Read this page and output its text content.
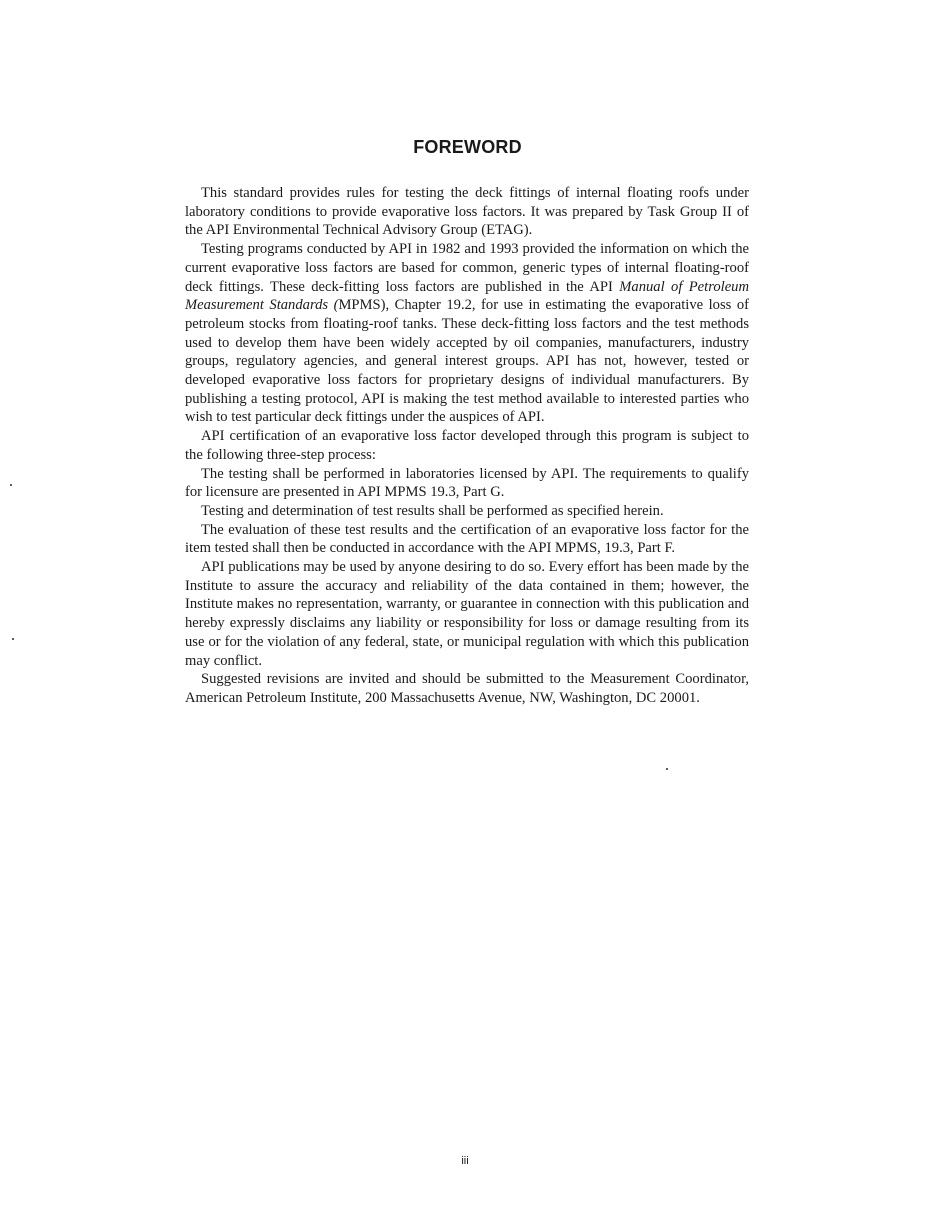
FOREWORD

This standard provides rules for testing the deck fittings of internal floating roofs under laboratory conditions to provide evaporative loss factors. It was prepared by Task Group II of the API Environmental Technical Advisory Group (ETAG).

Testing programs conducted by API in 1982 and 1993 provided the information on which the current evaporative loss factors are based for common, generic types of internal floating-roof deck fittings. These deck-fitting loss factors are published in the API Manual of Petroleum Measurement Standards (MPMS), Chapter 19.2, for use in estimating the evaporative loss of petroleum stocks from floating-roof tanks. These deck-fitting loss factors and the test methods used to develop them have been widely accepted by oil companies, manufacturers, industry groups, regulatory agencies, and general interest groups. API has not, however, tested or developed evaporative loss factors for proprietary designs of individual manufacturers. By publishing a testing protocol, API is making the test method available to interested parties who wish to test particular deck fittings under the auspices of API.

API certification of an evaporative loss factor developed through this program is subject to the following three-step process:

The testing shall be performed in laboratories licensed by API. The requirements to qualify for licensure are presented in API MPMS 19.3, Part G.

Testing and determination of test results shall be performed as specified herein.

The evaluation of these test results and the certification of an evaporative loss factor for the item tested shall then be conducted in accordance with the API MPMS, 19.3, Part F.

API publications may be used by anyone desiring to do so. Every effort has been made by the Institute to assure the accuracy and reliability of the data contained in them; however, the Institute makes no representation, warranty, or guarantee in connection with this publication and hereby expressly disclaims any liability or responsibility for loss or damage resulting from its use or for the violation of any federal, state, or municipal regulation with which this publication may conflict.

Suggested revisions are invited and should be submitted to the Measurement Coordinator, American Petroleum Institute, 200 Massachusetts Avenue, NW, Washington, DC 20001.

iii
